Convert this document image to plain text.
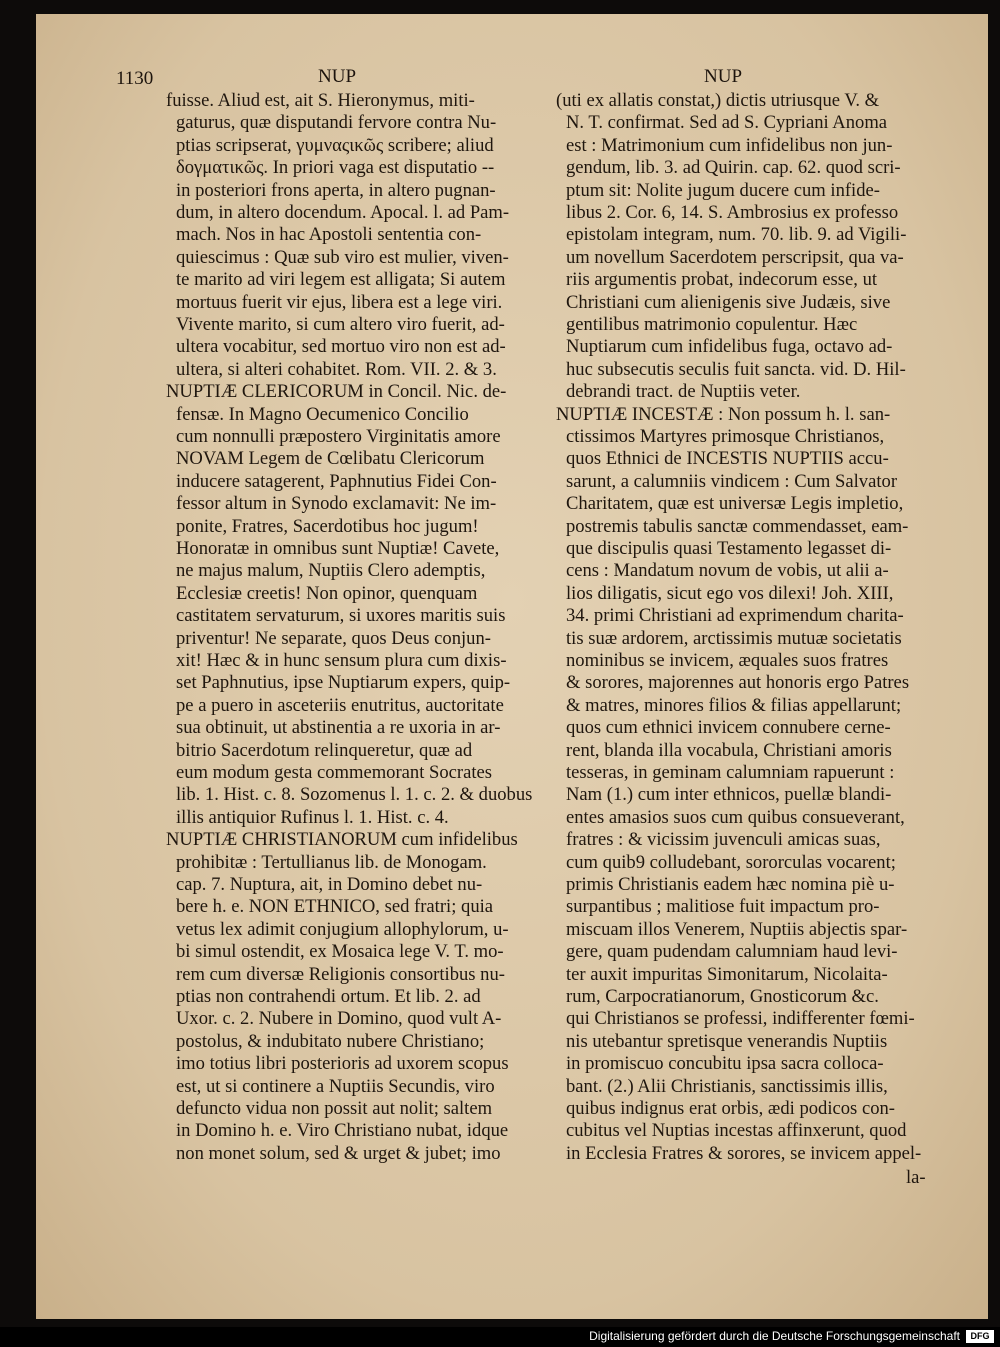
1130	NUP	NUP
fuisse. Aliud est, ait S. Hieronymus, miti-
gaturus, quæ disputandi fervore contra Nu-
ptias scripserat, γυμναςικῶς scribere; aliud
δογματικῶς. In priori vaga est disputatio --
in posteriori frons aperta, in altero pugnan-
dum, in altero docendum. Apocal. l. ad Pam-
mach. Nos in hac Apostoli sententia con-
quiescimus : Quæ sub viro est mulier, viven-
te marito ad viri legem est alligata; Si autem
mortuus fuerit vir ejus, libera est a lege viri.
Vivente marito, si cum altero viro fuerit, ad-
ultera vocabitur, sed mortuo viro non est ad-
ultera, si alteri cohabitet. Rom. VII. 2. & 3.
NUPTIÆ CLERICORUM in Concil. Nic. de-
fensæ. In Magno Oecumenico Concilio
cum nonnulli præpostero Virginitatis amore
NOVAM Legem de Cœlibatu Clericorum
inducere satagerent, Paphnutius Fidei Con-
fessor altum in Synodo exclamavit: Ne im-
ponite, Fratres, Sacerdotibus hoc jugum!
Honoratæ in omnibus sunt Nuptiæ! Cavete,
ne majus malum, Nuptiis Clero ademptis,
Ecclesiæ creetis! Non opinor, quenquam
castitatem servaturum, si uxores maritis suis
priventur! Ne separate, quos Deus conjun-
xit! Hæc & in hunc sensum plura cum dixis-
set Paphnutius, ipse Nuptiarum expers, quip-
pe a puero in asceteriis enutritus, auctoritate
sua obtinuit, ut abstinentia a re uxoria in ar-
bitrio Sacerdotum relinqueretur, quæ ad
eum modum gesta commemorant Socrates
lib. 1. Hist. c. 8. Sozomenus l. 1. c. 2. & duobus
illis antiquior Rufinus l. 1. Hist. c. 4.
NUPTIÆ CHRISTIANORUM cum infidelibus
prohibitæ : Tertullianus lib. de Monogam.
cap. 7. Nuptura, ait, in Domino debet nu-
bere h. e. NON ETHNICO, sed fratri; quia
vetus lex adimit conjugium allophylorum, u-
bi simul ostendit, ex Mosaica lege V. T. mo-
rem cum diversæ Religionis consortibus nu-
ptias non contrahendi ortum. Et lib. 2. ad
Uxor. c. 2. Nubere in Domino, quod vult A-
postolus, & indubitato nubere Christiano;
imo totius libri posterioris ad uxorem scopus
est, ut si continere a Nuptiis Secundis, viro
defuncto vidua non possit aut nolit; saltem
in Domino h. e. Viro Christiano nubat, idque
non monet solum, sed & urget & jubet; imo
(uti ex allatis constat,) dictis utriusque V. &
N. T. confirmat. Sed ad S. Cypriani Anoma
est : Matrimonium cum infidelibus non jun-
gendum, lib. 3. ad Quirin. cap. 62. quod scri-
ptum sit: Nolite jugum ducere cum infide-
libus 2. Cor. 6, 14. S. Ambrosius ex professo
epistolam integram, num. 70. lib. 9. ad Vigili-
um novellum Sacerdotem perscripsit, qua va-
riis argumentis probat, indecorum esse, ut
Christiani cum alienigenis sive Judæis, sive
gentilibus matrimonio copulentur. Hæc
Nuptiarum cum infidelibus fuga, octavo ad-
huc subsecutis seculis fuit sancta. vid. D. Hil-
debrandi tract. de Nuptiis veter.
NUPTIÆ INCESTÆ : Non possum h. l. san-
ctissimos Martyres primosque Christianos,
quos Ethnici de INCESTIS NUPTIIS accu-
sarunt, a calumniis vindicem : Cum Salvator
Charitatem, quæ est universæ Legis impletio,
postremis tabulis sanctæ commendasset, eam-
que discipulis quasi Testamento legasset di-
cens : Mandatum novum de vobis, ut alii a-
lios diligatis, sicut ego vos dilexi! Joh. XIII,
34. primi Christiani ad exprimendum charita-
tis suæ ardorem, arctissimis mutuæ societatis
nominibus se invicem, æquales suos fratres
& sorores, majorennes aut honoris ergo Patres
& matres, minores filios & filias appellarunt;
quos cum ethnici invicem connubere cerne-
rent, blanda illa vocabula, Christiani amoris
tesseras, in geminam calumniam rapuerunt :
Nam (1.) cum inter ethnicos, puellæ blandi-
entes amasios suos cum quibus consueverant,
fratres : & vicissim juvenculi amicas suas,
cum quib9 colludebant, sororculas vocarent;
primis Christianis eadem hæc nomina piè u-
surpantibus ; malitiose fuit impactum pro-
miscuam illos Venerem, Nuptiis abjectis spar-
gere, quam pudendam calumniam haud levi-
ter auxit impuritas Simonitarum, Nicolaita-
rum, Carpocratianorum, Gnosticorum &c.
qui Christianos se professi, indifferenter fœmi-
nis utebantur spretisque venerandis Nuptiis
in promiscuo concubitu ipsa sacra colloca-
bant. (2.) Alii Christianis, sanctissimis illis,
quibus indignus erat orbis, ædi podicos con-
cubitus vel Nuptias incestas affinxerunt, quod
in Ecclesia Fratres & sorores, se invicem appel-
la-
Digitalisierung gefördert durch die Deutsche Forschungsgemeinschaft	DFG
